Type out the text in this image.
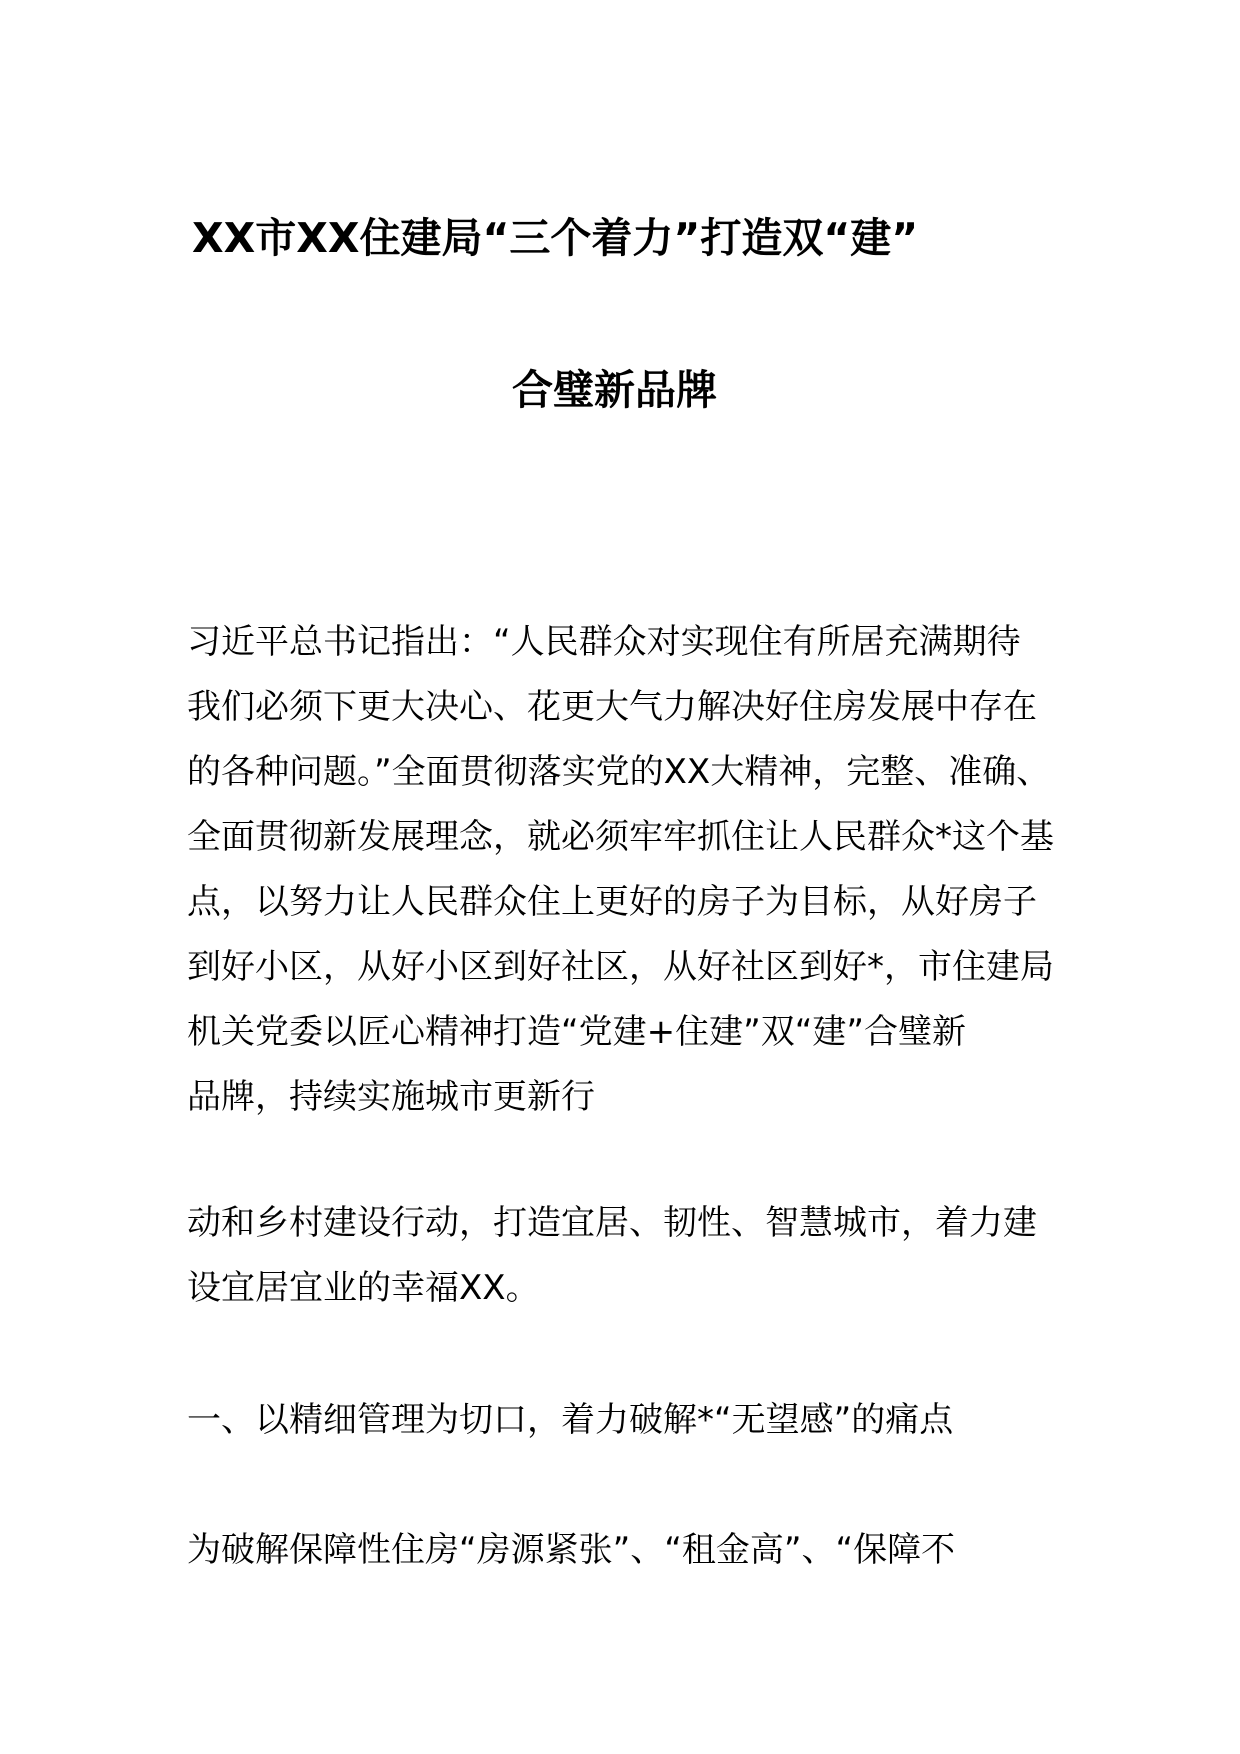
XX市XX住建局“三个着力”打造双“建”
合璧新品牌
习近平总书记指出：“人民群众对实现住有所居充满期待
我们必须下更大决心、花更大气力解决好住房发展中存在
的各种问题。”全面贯彻落实党的XX大精神，完整、准确、
全面贯彻新发展理念，就必须牢牢抓住让人民群众*这个基
点，以努力让人民群众住上更好的房子为目标，从好房子
到好小区，从好小区到好社区，从好社区到好*，市住建局
机关党委以匠心精神打造“党建+住建”双“建”合璧新
品牌，持续实施城市更新行
动和乡村建设行动，打造宜居、韧性、智慧城市，着力建
设宜居宜业的幸福XX。
一、以精细管理为切口，着力破解*“无望感”的痛点
为破解保障性住房“房源紧张”、“租金高”、“保障不
